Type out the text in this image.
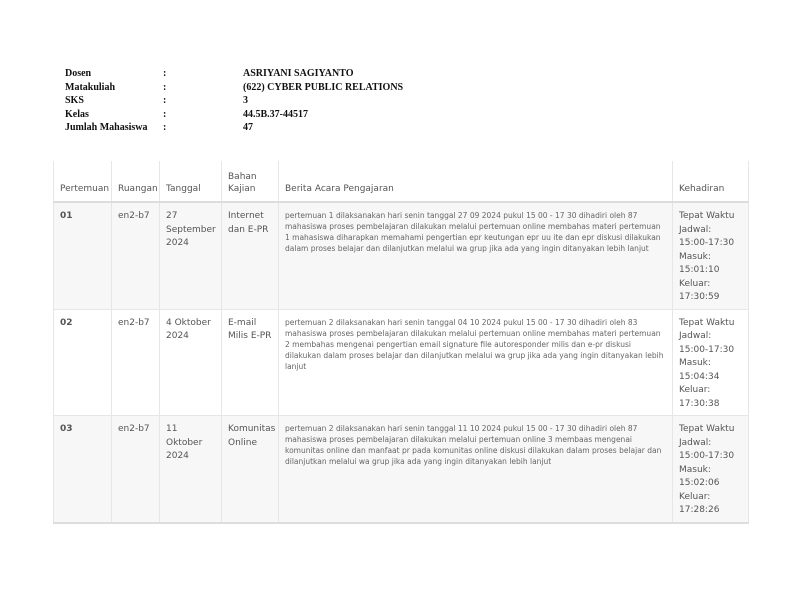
Dosen	:	ASRIYANI SAGIYANTO
Matakuliah	:	(622) CYBER PUBLIC RELATIONS
SKS	:	3
Kelas	:	44.5B.37-44517
Jumlah Mahasiswa :	47
Pertemuan	Ruangan	Tanggal	Bahan Kajian	Berita Acara Pengajaran	Kehadiran
01	en2-b7	27 September 2024	Internet dan E-PR	pertemuan 1 dilaksanakan hari senin tanggal 27 09 2024 pukul 15 00 - 17 30 dihadiri oleh 87 mahasiswa proses pembelajaran dilakukan melalui pertemuan online membahas materi pertemuan 1 mahasiswa diharapkan memahami pengertian epr keutungan epr uu ite dan epr diskusi dilakukan dalam proses belajar dan dilanjutkan melalui wa grup jika ada yang ingin ditanyakan lebih lanjut	Tepat Waktu Jadwal: 15:00-17:30 Masuk: 15:01:10 Keluar: 17:30:59
02	en2-b7	4 Oktober 2024	E-mail Milis E-PR	pertemuan 2 dilaksanakan hari senin tanggal 04 10 2024 pukul 15 00 - 17 30 dihadiri oleh 83 mahasiswa proses pembelajaran dilakukan melalui pertemuan online membahas materi pertemuan 2 membahas mengenai pengertian email signature file autoresponder milis dan e-pr diskusi dilakukan dalam proses belajar dan dilanjutkan melalui wa grup jika ada yang ingin ditanyakan lebih lanjut	Tepat Waktu Jadwal: 15:00-17:30 Masuk: 15:04:34 Keluar: 17:30:38
03	en2-b7	11 Oktober 2024	Komunitas Online	pertemuan 2 dilaksanakan hari senin tanggal 11 10 2024 pukul 15 00 - 17 30 dihadiri oleh 87 mahasiswa proses pembelajaran dilakukan melalui pertemuan online 3 membaas mengenai komunitas online dan manfaat pr pada komunitas online diskusi dilakukan dalam proses belajar dan dilanjutkan melalui wa grup jika ada yang ingin ditanyakan lebih lanjut	Tepat Waktu Jadwal: 15:00-17:30 Masuk: 15:02:06 Keluar: 17:28:26
